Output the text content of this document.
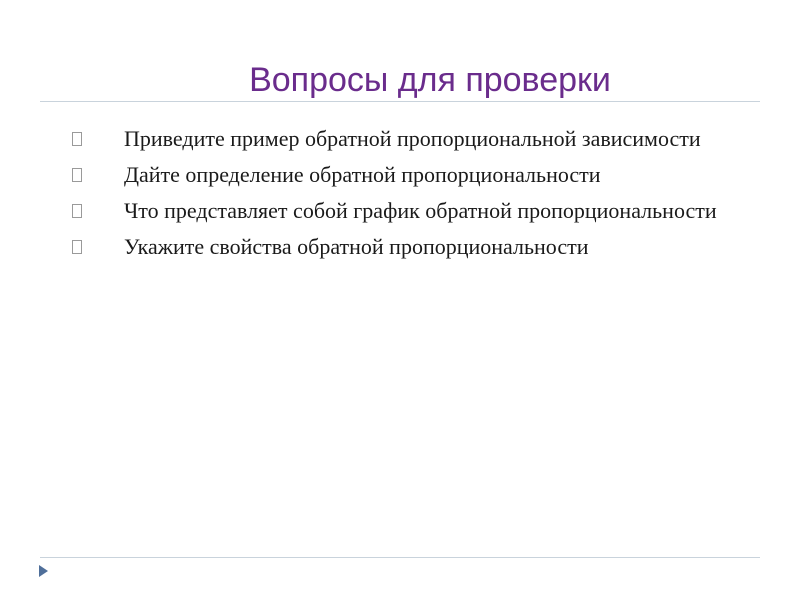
Вопросы для проверки
Приведите пример обратной пропорциональной зависимости
Дайте определение обратной пропорциональности
Что представляет собой график обратной пропорциональности
Укажите свойства обратной пропорциональности
